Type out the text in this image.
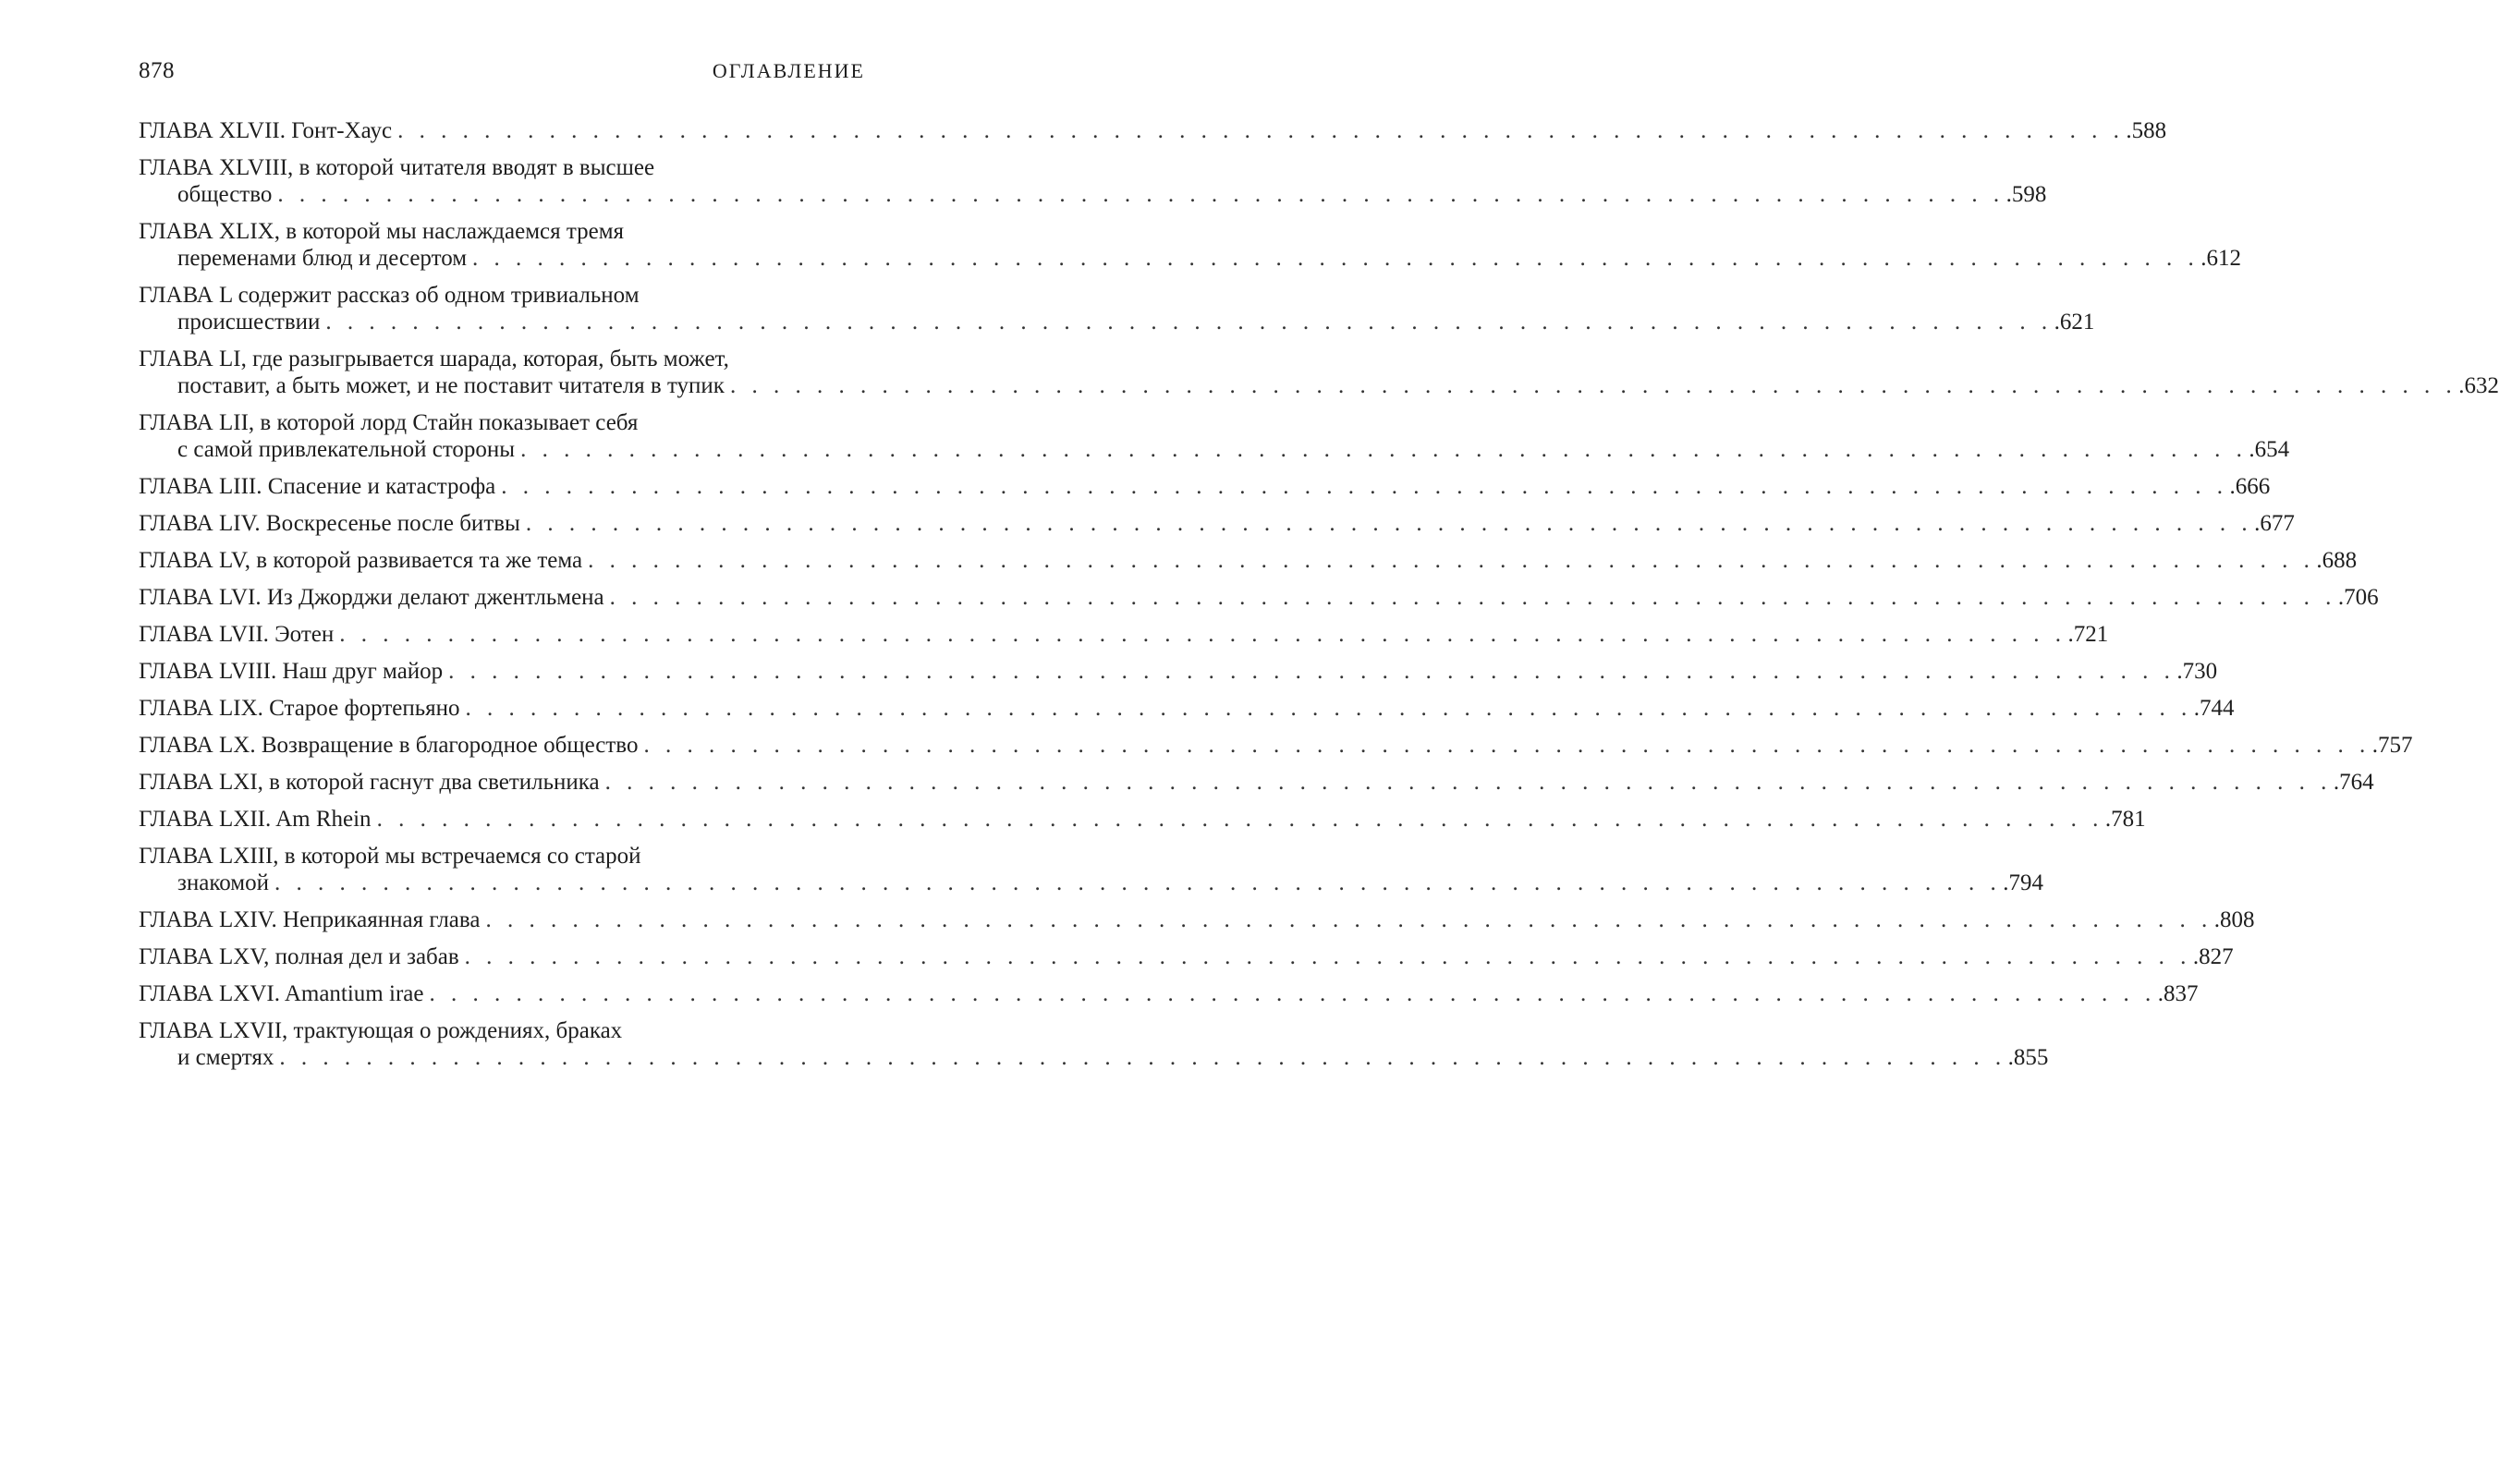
878	ОГЛАВЛЕНИЕ
ГЛАВА XLVII. Гонт-Хаус . . . . . . . . . . . . . . . . . . . . . . . . . . . . . . . . . . . . . . . . . . . . . . . . . . . . . . . . . . . . . . . . . . . . . . . . . . . . . . . . .588
ГЛАВА XLVIII, в которой читателя вводят в высшее
общество . . . . . . . . . . . . . . . . . . . . . . . . . . . . . . . . . . . . . . . . . . . . . . . . . . . . . . . . . . . . . . . . . . . . . . . . . . . . . . . . .598
ГЛАВА XLIX, в которой мы наслаждаемся тремя
переменами блюд и десертом . . . . . . . . . . . . . . . . . . . . . . . . . . . . . . . . . . . . . . . . . . . . . . . . . . . . . . . . . . . . . . . . . . . . . . . . . . . . . . . . .612
ГЛАВА L содержит рассказ об одном тривиальном
происшествии . . . . . . . . . . . . . . . . . . . . . . . . . . . . . . . . . . . . . . . . . . . . . . . . . . . . . . . . . . . . . . . . . . . . . . . . . . . . . . . . .621
ГЛАВА LI, где разыгрывается шарада, которая, быть может,
поставит, а быть может, и не поставит читателя в тупик . . . . . . . . . . . . . . . . . . . . . . . . . . . . . . . . . . . . . . . . . . . . . . . . . . . . . . . . . . . . . . . . . . . . . . . . . . . . . . . . .632
ГЛАВА LII, в которой лорд Стайн показывает себя
с самой привлекательной стороны . . . . . . . . . . . . . . . . . . . . . . . . . . . . . . . . . . . . . . . . . . . . . . . . . . . . . . . . . . . . . . . . . . . . . . . . . . . . . . . . .654
ГЛАВА LIII. Спасение и катастрофа . . . . . . . . . . . . . . . . . . . . . . . . . . . . . . . . . . . . . . . . . . . . . . . . . . . . . . . . . . . . . . . . . . . . . . . . . . . . . . . . .666
ГЛАВА LIV. Воскресенье после битвы . . . . . . . . . . . . . . . . . . . . . . . . . . . . . . . . . . . . . . . . . . . . . . . . . . . . . . . . . . . . . . . . . . . . . . . . . . . . . . . . .677
ГЛАВА LV, в которой развивается та же тема . . . . . . . . . . . . . . . . . . . . . . . . . . . . . . . . . . . . . . . . . . . . . . . . . . . . . . . . . . . . . . . . . . . . . . . . . . . . . . . . .688
ГЛАВА LVI. Из Джорджи делают джентльмена . . . . . . . . . . . . . . . . . . . . . . . . . . . . . . . . . . . . . . . . . . . . . . . . . . . . . . . . . . . . . . . . . . . . . . . . . . . . . . . . .706
ГЛАВА LVII. Эотен . . . . . . . . . . . . . . . . . . . . . . . . . . . . . . . . . . . . . . . . . . . . . . . . . . . . . . . . . . . . . . . . . . . . . . . . . . . . . . . . .721
ГЛАВА LVIII. Наш друг майор . . . . . . . . . . . . . . . . . . . . . . . . . . . . . . . . . . . . . . . . . . . . . . . . . . . . . . . . . . . . . . . . . . . . . . . . . . . . . . . . .730
ГЛАВА LIX. Старое фортепьяно . . . . . . . . . . . . . . . . . . . . . . . . . . . . . . . . . . . . . . . . . . . . . . . . . . . . . . . . . . . . . . . . . . . . . . . . . . . . . . . . .744
ГЛАВА LX. Возвращение в благородное общество . . . . . . . . . . . . . . . . . . . . . . . . . . . . . . . . . . . . . . . . . . . . . . . . . . . . . . . . . . . . . . . . . . . . . . . . . . . . . . . . .757
ГЛАВА LXI, в которой гаснут два светильника . . . . . . . . . . . . . . . . . . . . . . . . . . . . . . . . . . . . . . . . . . . . . . . . . . . . . . . . . . . . . . . . . . . . . . . . . . . . . . . . .764
ГЛАВА LXII. Am Rhein . . . . . . . . . . . . . . . . . . . . . . . . . . . . . . . . . . . . . . . . . . . . . . . . . . . . . . . . . . . . . . . . . . . . . . . . . . . . . . . . .781
ГЛАВА LXIII, в которой мы встречаемся со старой
знакомой . . . . . . . . . . . . . . . . . . . . . . . . . . . . . . . . . . . . . . . . . . . . . . . . . . . . . . . . . . . . . . . . . . . . . . . . . . . . . . . . .794
ГЛАВА LXIV. Неприкаянная глава . . . . . . . . . . . . . . . . . . . . . . . . . . . . . . . . . . . . . . . . . . . . . . . . . . . . . . . . . . . . . . . . . . . . . . . . . . . . . . . . .808
ГЛАВА LXV, полная дел и забав . . . . . . . . . . . . . . . . . . . . . . . . . . . . . . . . . . . . . . . . . . . . . . . . . . . . . . . . . . . . . . . . . . . . . . . . . . . . . . . . .827
ГЛАВА LXVI. Amantium irae . . . . . . . . . . . . . . . . . . . . . . . . . . . . . . . . . . . . . . . . . . . . . . . . . . . . . . . . . . . . . . . . . . . . . . . . . . . . . . . . .837
ГЛАВА LXVII, трактующая о рождениях, браках
и смертях . . . . . . . . . . . . . . . . . . . . . . . . . . . . . . . . . . . . . . . . . . . . . . . . . . . . . . . . . . . . . . . . . . . . . . . . . . . . . . . . .855
